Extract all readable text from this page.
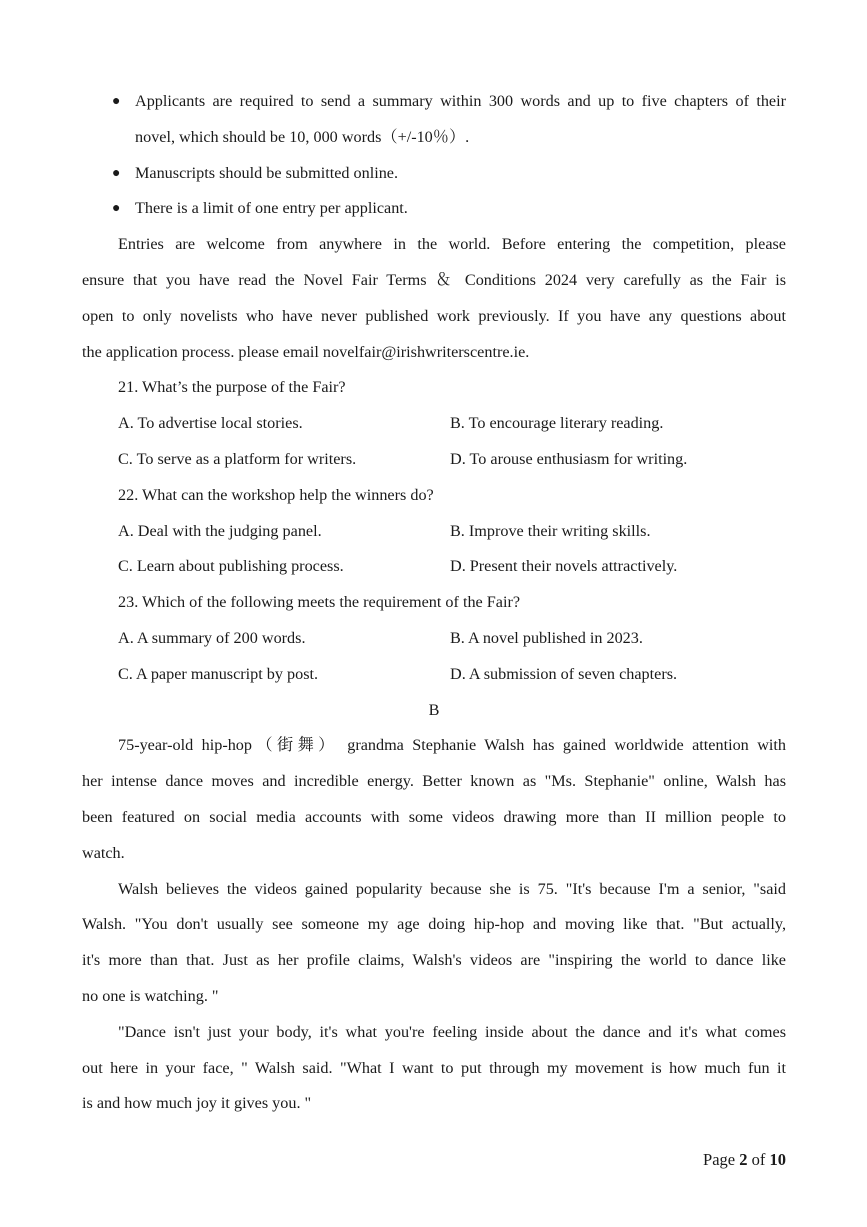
● Applicants are required to send a summary within 300 words and up to five chapters of their
novel, which should be 10, 000 words（+/-10％）.
● Manuscripts should be submitted online.
● There is a limit of one entry per applicant.
Entries are welcome from anywhere in the world. Before entering the competition, please
ensure that you have read the Novel Fair Terms ＆ Conditions 2024 very carefully as the Fair is
open to only novelists who have never published work previously. If you have any questions about
the application process. please email novelfair@irishwriterscentre.ie.
21. What’s the purpose of the Fair?
A. To advertise local stories.	B. To encourage literary reading.
C. To serve as a platform for writers.	D. To arouse enthusiasm for writing.
22. What can the workshop help the winners do?
A. Deal with the judging panel.	B. Improve their writing skills.
C. Learn about publishing process.	D. Present their novels attractively.
23. Which of the following meets the requirement of the Fair?
A. A summary of 200 words.	B. A novel published in 2023.
C. A paper manuscript by post.	D. A submission of seven chapters.
B
75-year-old hip-hop（街舞） grandma Stephanie Walsh has gained worldwide attention with
her intense dance moves and incredible energy. Better known as "Ms. Stephanie" online, Walsh has
been featured on social media accounts with some videos drawing more than II million people to
watch.
Walsh believes the videos gained popularity because she is 75. "It's because I'm a senior, "said
Walsh. "You don't usually see someone my age doing hip-hop and moving like that. "But actually,
it's more than that. Just as her profile claims, Walsh's videos are "inspiring the world to dance like
no one is watching. "
"Dance isn't just your body, it's what you're feeling inside about the dance and it's what comes
out here in your face, " Walsh said. "What I want to put through my movement is how much fun it
is and how much joy it gives you. "
Page 2 of 10
